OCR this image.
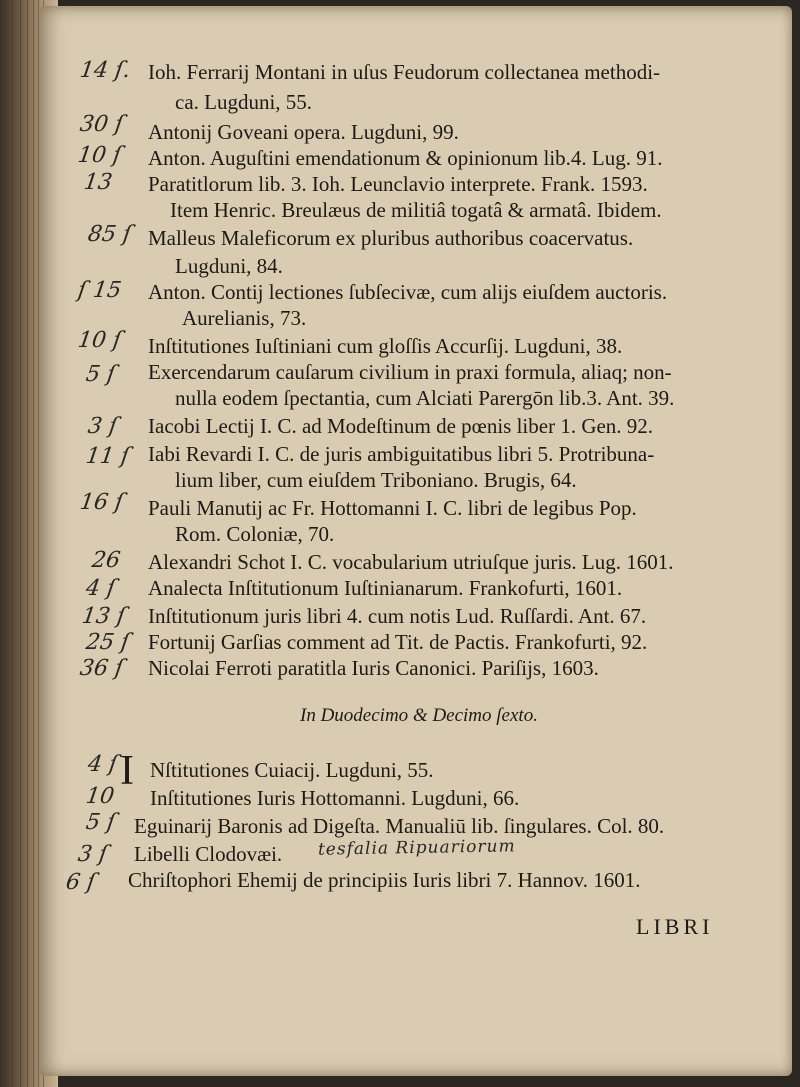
14 ſ. Ioh. Ferrarij Montani in uſus Feudorum collectanea methodi-
ca. Lugduni, 55.
30 ſ Antonij Goveani opera. Lugduni, 99.
10 ſ Anton. Auguſtini emendationum & opinionum lib.4. Lug. 91.
13 Paratitlorum lib. 3. Ioh. Leunclavio interprete. Frank. 1593.
Item Henric. Breulæus de militiâ togatâ & armatâ. Ibidem.
85 ſ Malleus Maleficorum ex pluribus authoribus coacervatus.
Lugduni, 84.
ſ 15 Anton. Contij lectiones ſubſecivæ, cum alijs eiuſdem auctoris.
Aurelianis, 73.
10 ſ Inſtitutiones Iuſtiniani cum gloſſis Accurſij. Lugduni, 38.
5 ſ Exercendarum cauſarum civilium in praxi formula, aliaq; non-
nulla eodem ſpectantia, cum Alciati Parergōn lib.3. Ant. 39.
3 ſ Iacobi Lectij I. C. ad Modeſtinum de pœnis liber 1. Gen. 92.
11 ſ Iabi Revardi I. C. de juris ambiguitatibus libri 5. Protribuna-
lium liber, cum eiuſdem Triboniano. Brugis, 64.
16 ſ Pauli Manutij ac Fr. Hottomanni I. C. libri de legibus Pop.
Rom. Coloniæ, 70.
26 Alexandri Schot I. C. vocabularium utriuſque juris. Lug. 1601.
4 ſ Analecta Inſtitutionum Iuſtinianarum. Frankofurti, 1601.
13 ſ Inſtitutionum juris libri 4. cum notis Lud. Ruſſardi. Ant. 67.
25 ſ Fortunij Garſias comment ad Tit. de Pactis. Frankofurti, 92.
36 ſ Nicolai Ferroti paratitla Iuris Canonici. Pariſijs, 1603.
In Duodecimo & Decimo ſexto.
I
4 ſ Nſtitutiones Cuiacij. Lugduni, 55.
10 Inſtitutiones Iuris Hottomanni. Lugduni, 66.
5 ſ Eguinarij Baronis ad Digeſta. Manualiū lib. ſingulares. Col. 80.
3 ſ Libelli Clodovæi. tesfalia Ripuariorum
6 ſ Chriſtophori Ehemij de principiis Iuris libri 7. Hannov. 1601.
LIBRI
